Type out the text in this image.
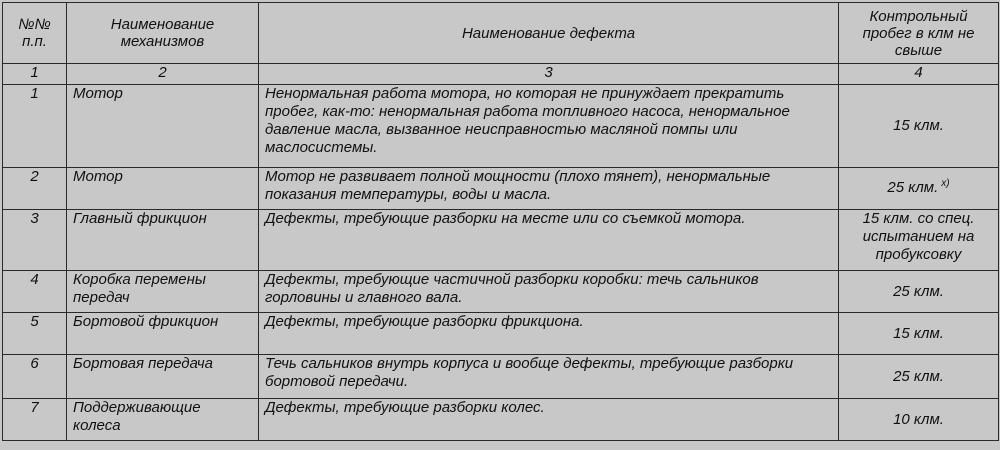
№№ п.п.	Наименование механизмов	Наименование дефекта	Контрольный пробег в клм не свыше
1	2	3	4
1	Мотор	Ненормальная работа мотора, но которая не принуждает прекратить пробег, как-то: ненормальная работа топливного насоса, ненормальное давление масла, вызванное неисправностью масляной помпы или маслосистемы.	15 клм.
2	Мотор	Мотор не развивает полной мощности (плохо тянет), ненормальные показания температуры, воды и масла.	25 клм. $^{х)}$
3	Главный фрикцион	Дефекты, требующие разборки на месте или со съемкой мотора.	15 клм. со спец. испытанием на пробуксовку
4	Коробка перемены передач	Дефекты, требующие частичной разборки коробки: течь сальников горловины и главного вала.	25 клм.
5	Бортовой фрикцион	Дефекты, требующие разборки фрикциона.	15 клм.
6	Бортовая передача	Течь сальников внутрь корпуса и вообще дефекты, требующие разборки бортовой передачи.	25 клм.
7	Поддерживающие колеса	Дефекты, требующие разборки колес.	10 клм.
